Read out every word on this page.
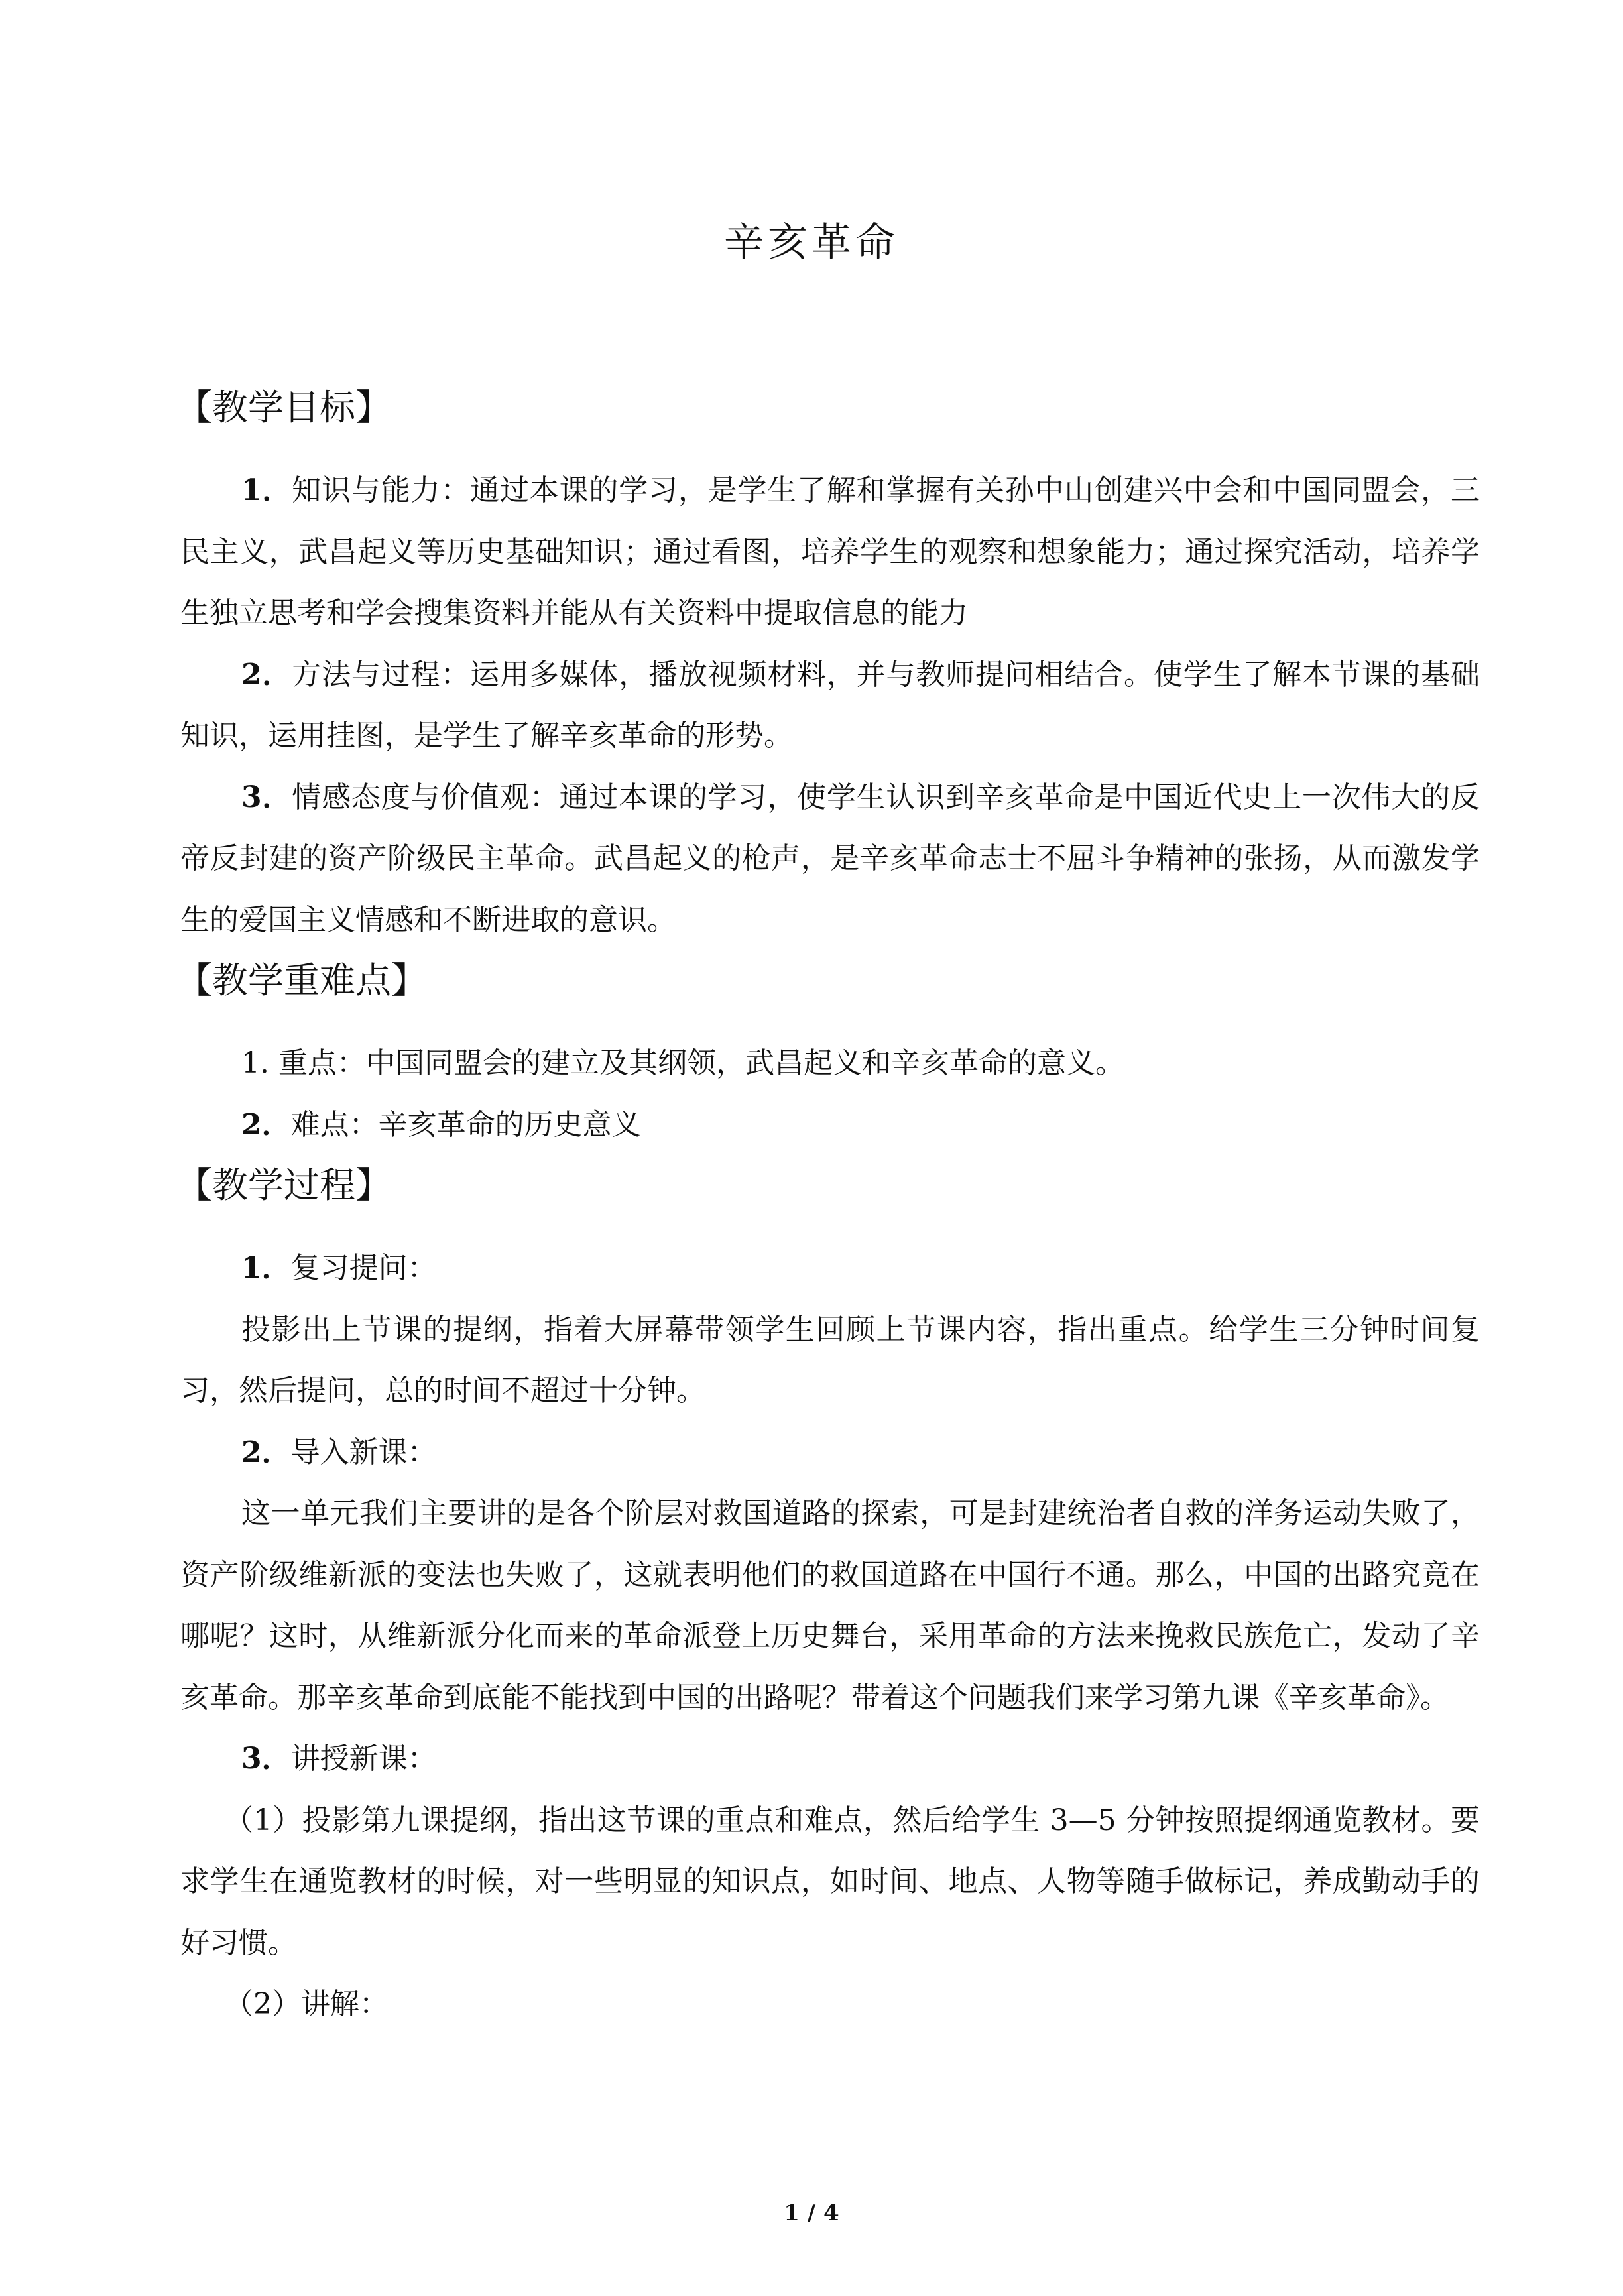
辛亥革命
【教学目标】

1．知识与能力：通过本课的学习，是学生了解和掌握有关孙中山创建兴中会和中国同盟会，三民主义，武昌起义等历史基础知识；通过看图，培养学生的观察和想象能力；通过探究活动，培养学生独立思考和学会搜集资料并能从有关资料中提取信息的能力

2．方法与过程：运用多媒体，播放视频材料，并与教师提问相结合。使学生了解本节课的基础知识，运用挂图，是学生了解辛亥革命的形势。

3．情感态度与价值观：通过本课的学习，使学生认识到辛亥革命是中国近代史上一次伟大的反帝反封建的资产阶级民主革命。武昌起义的枪声，是辛亥革命志士不屈斗争精神的张扬，从而激发学生的爱国主义情感和不断进取的意识。

【教学重难点】

1. 重点：中国同盟会的建立及其纲领，武昌起义和辛亥革命的意义。

2．难点：辛亥革命的历史意义

【教学过程】

1．复习提问：

投影出上节课的提纲，指着大屏幕带领学生回顾上节课内容，指出重点。给学生三分钟时间复习，然后提问，总的时间不超过十分钟。

2．导入新课：

这一单元我们主要讲的是各个阶层对救国道路的探索，可是封建统治者自救的洋务运动失败了，资产阶级维新派的变法也失败了，这就表明他们的救国道路在中国行不通。那么，中国的出路究竟在哪呢？这时，从维新派分化而来的革命派登上历史舞台，采用革命的方法来挽救民族危亡，发动了辛亥革命。那辛亥革命到底能不能找到中国的出路呢？带着这个问题我们来学习第九课《辛亥革命》。

3．讲授新课：

（1）投影第九课提纲，指出这节课的重点和难点，然后给学生 3—5 分钟按照提纲通览教材。要求学生在通览教材的时候，对一些明显的知识点，如时间、地点、人物等随手做标记，养成勤动手的好习惯。

（2）讲解：

1 / 4
